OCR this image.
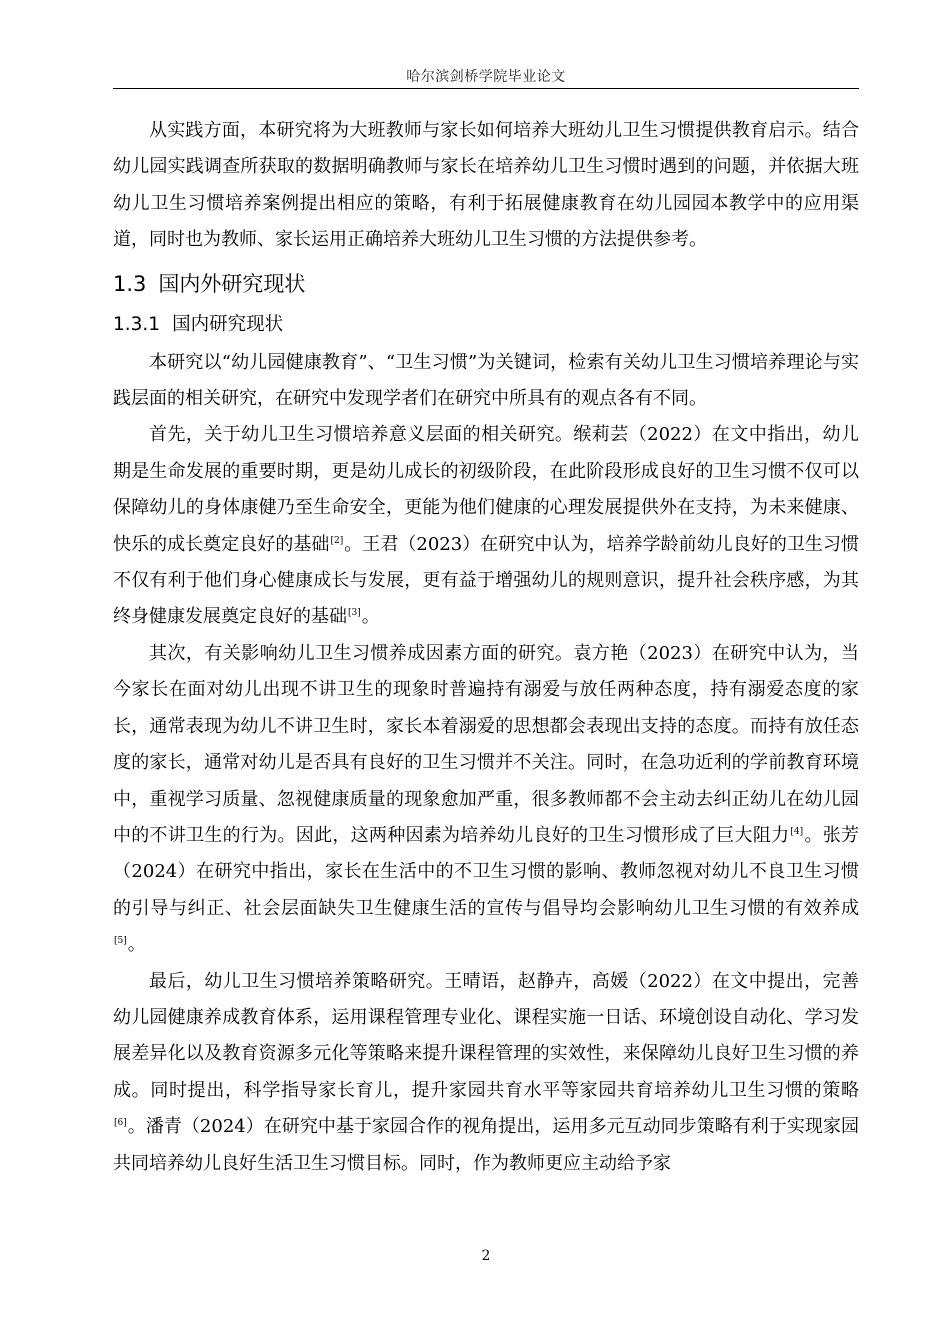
哈尔滨剑桥学院毕业论文

从实践方面，本研究将为大班教师与家长如何培养大班幼儿卫生习惯提供教育启示。结合幼儿园实践调查所获取的数据明确教师与家长在培养幼儿卫生习惯时遇到的问题，并依据大班幼儿卫生习惯培养案例提出相应的策略，有利于拓展健康教育在幼儿园园本教学中的应用渠道，同时也为教师、家长运用正确培养大班幼儿卫生习惯的方法提供参考。

1.3 国内外研究现状
1.3.1 国内研究现状

本研究以“幼儿园健康教育”、“卫生习惯”为关键词，检索有关幼儿卫生习惯培养理论与实践层面的相关研究，在研究中发现学者们在研究中所具有的观点各有不同。

首先，关于幼儿卫生习惯培养意义层面的相关研究。缑莉芸（2022）在文中指出，幼儿期是生命发展的重要时期，更是幼儿成长的初级阶段，在此阶段形成良好的卫生习惯不仅可以保障幼儿的身体康健乃至生命安全，更能为他们健康的心理发展提供外在支持，为未来健康、快乐的成长奠定良好的基础[2]。王君（2023）在研究中认为，培养学龄前幼儿良好的卫生习惯不仅有利于他们身心健康成长与发展，更有益于增强幼儿的规则意识，提升社会秩序感，为其终身健康发展奠定良好的基础[3]。

其次，有关影响幼儿卫生习惯养成因素方面的研究。袁方艳（2023）在研究中认为，当今家长在面对幼儿出现不讲卫生的现象时普遍持有溺爱与放任两种态度，持有溺爱态度的家长，通常表现为幼儿不讲卫生时，家长本着溺爱的思想都会表现出支持的态度。而持有放任态度的家长，通常对幼儿是否具有良好的卫生习惯并不关注。同时，在急功近利的学前教育环境中，重视学习质量、忽视健康质量的现象愈加严重，很多教师都不会主动去纠正幼儿在幼儿园中的不讲卫生的行为。因此，这两种因素为培养幼儿良好的卫生习惯形成了巨大阻力[4]。张芳（2024）在研究中指出，家长在生活中的不卫生习惯的影响、教师忽视对幼儿不良卫生习惯的引导与纠正、社会层面缺失卫生健康生活的宣传与倡导均会影响幼儿卫生习惯的有效养成[5]。

最后，幼儿卫生习惯培养策略研究。王晴语，赵静卉，高媛（2022）在文中提出，完善幼儿园健康养成教育体系，运用课程管理专业化、课程实施一日话、环境创设自动化、学习发展差异化以及教育资源多元化等策略来提升课程管理的实效性，来保障幼儿良好卫生习惯的养成。同时提出，科学指导家长育儿，提升家园共育水平等家园共育培养幼儿卫生习惯的策略[6]。潘青（2024）在研究中基于家园合作的视角提出，运用多元互动同步策略有利于实现家园共同培养幼儿良好生活卫生习惯目标。同时，作为教师更应主动给予家

2
